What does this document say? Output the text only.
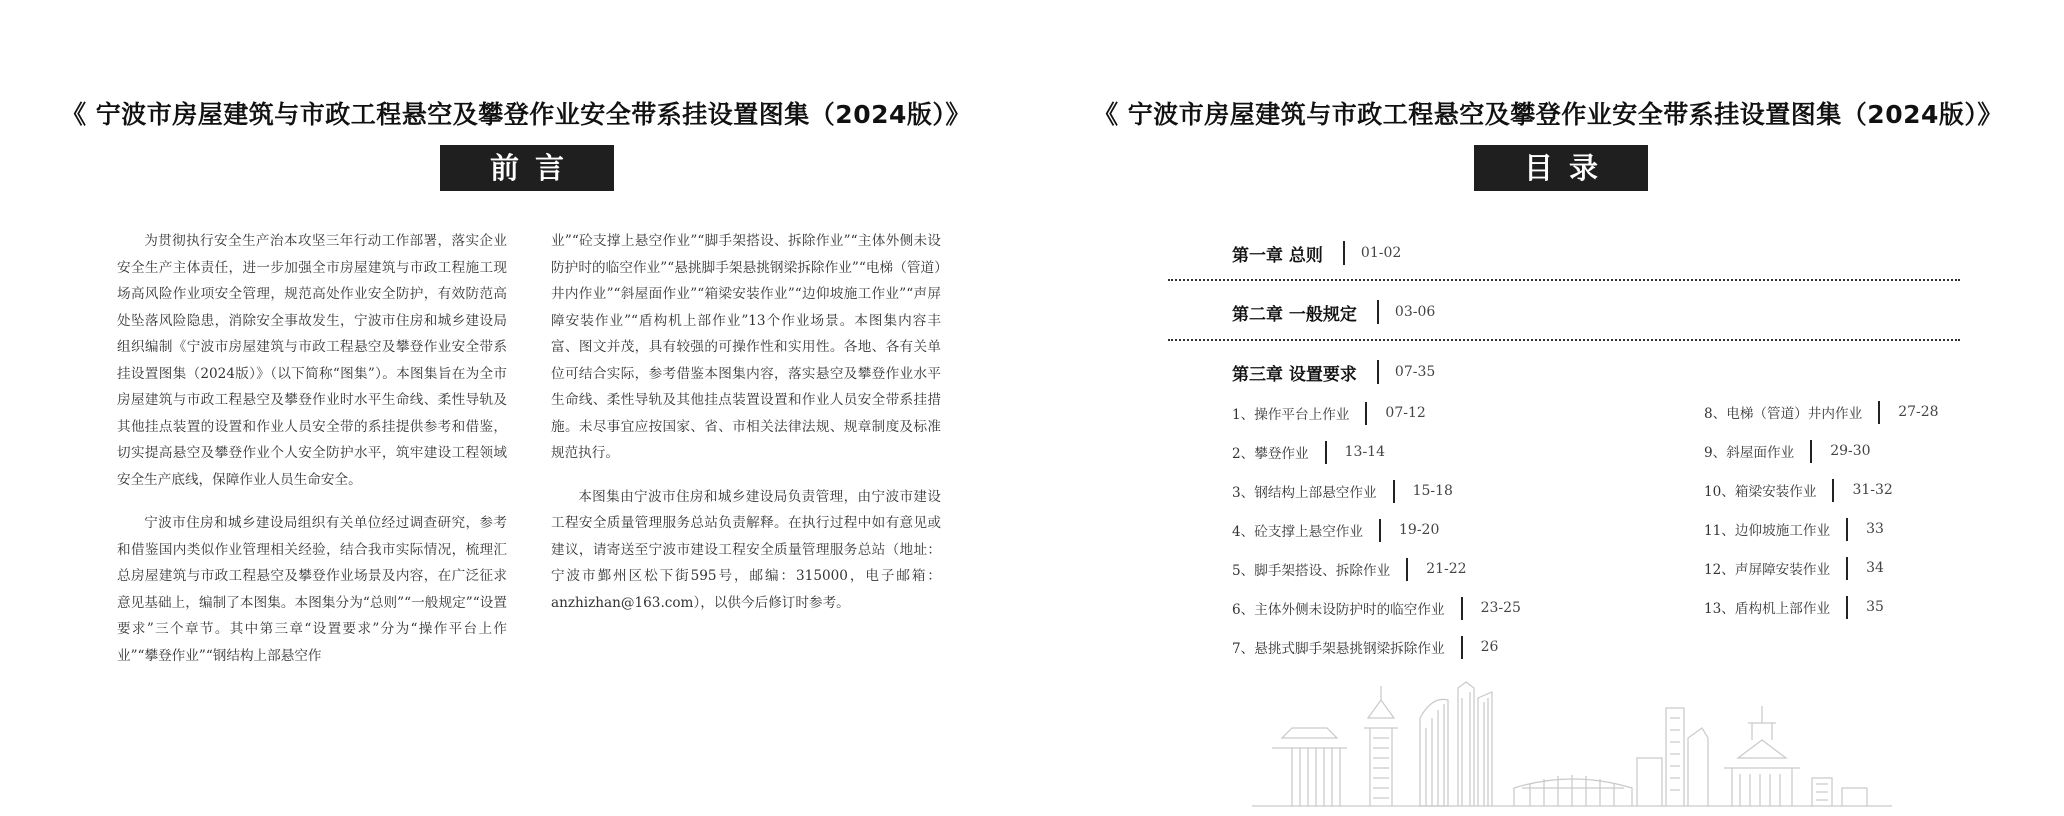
《 宁波市房屋建筑与市政工程悬空及攀登作业安全带系挂设置图集（2024版）》
前言

为贯彻执行安全生产治本攻坚三年行动工作部署，落实企业安全生产主体责任，进一步加强全市房屋建筑与市政工程施工现场高风险作业项安全管理，规范高处作业安全防护，有效防范高处坠落风险隐患，消除安全事故发生，宁波市住房和城乡建设局组织编制《宁波市房屋建筑与市政工程悬空及攀登作业安全带系挂设置图集（2024版）》（以下简称“图集”）。本图集旨在为全市房屋建筑与市政工程悬空及攀登作业时水平生命线、柔性导轨及其他挂点装置的设置和作业人员安全带的系挂提供参考和借鉴，切实提高悬空及攀登作业个人安全防护水平，筑牢建设工程领域安全生产底线，保障作业人员生命安全。

宁波市住房和城乡建设局组织有关单位经过调查研究，参考和借鉴国内类似作业管理相关经验，结合我市实际情况，梳理汇总房屋建筑与市政工程悬空及攀登作业场景及内容，在广泛征求意见基础上，编制了本图集。本图集分为“总则”“一般规定”“设置要求”三个章节。其中第三章“设置要求”分为“操作平台上作业”“攀登作业”“钢结构上部悬空作

业”“砼支撑上悬空作业”“脚手架搭设、拆除作业”“主体外侧未设防护时的临空作业”“悬挑脚手架悬挑钢梁拆除作业”“电梯（管道）井内作业”“斜屋面作业”“箱梁安装作业”“边仰坡施工作业”“声屏障安装作业”“盾构机上部作业”13个作业场景。本图集内容丰富、图文并茂，具有较强的可操作性和实用性。各地、各有关单位可结合实际，参考借鉴本图集内容，落实悬空及攀登作业水平生命线、柔性导轨及其他挂点装置设置和作业人员安全带系挂措施。未尽事宜应按国家、省、市相关法律法规、规章制度及标准规范执行。

本图集由宁波市住房和城乡建设局负责管理，由宁波市建设工程安全质量管理服务总站负责解释。在执行过程中如有意见或建议，请寄送至宁波市建设工程安全质量管理服务总站（地址：宁波市鄞州区松下街595号，邮编：315000，电子邮箱：anzhizhan@163.com），以供今后修订时参考。

《 宁波市房屋建筑与市政工程悬空及攀登作业安全带系挂设置图集（2024版）》
目录
第一章 总则	01-02
第二章 一般规定	03-06
第三章 设置要求	07-35
1、操作平台上作业	07-12
2、攀登作业	13-14
3、钢结构上部悬空作业	15-18
4、砼支撑上悬空作业	19-20
5、脚手架搭设、拆除作业	21-22
6、主体外侧未设防护时的临空作业	23-25
7、悬挑式脚手架悬挑钢梁拆除作业	26
8、电梯（管道）井内作业	27-28
9、斜屋面作业	29-30
10、箱梁安装作业	31-32
11、边仰坡施工作业	33
12、声屏障安装作业	34
13、盾构机上部作业	35
